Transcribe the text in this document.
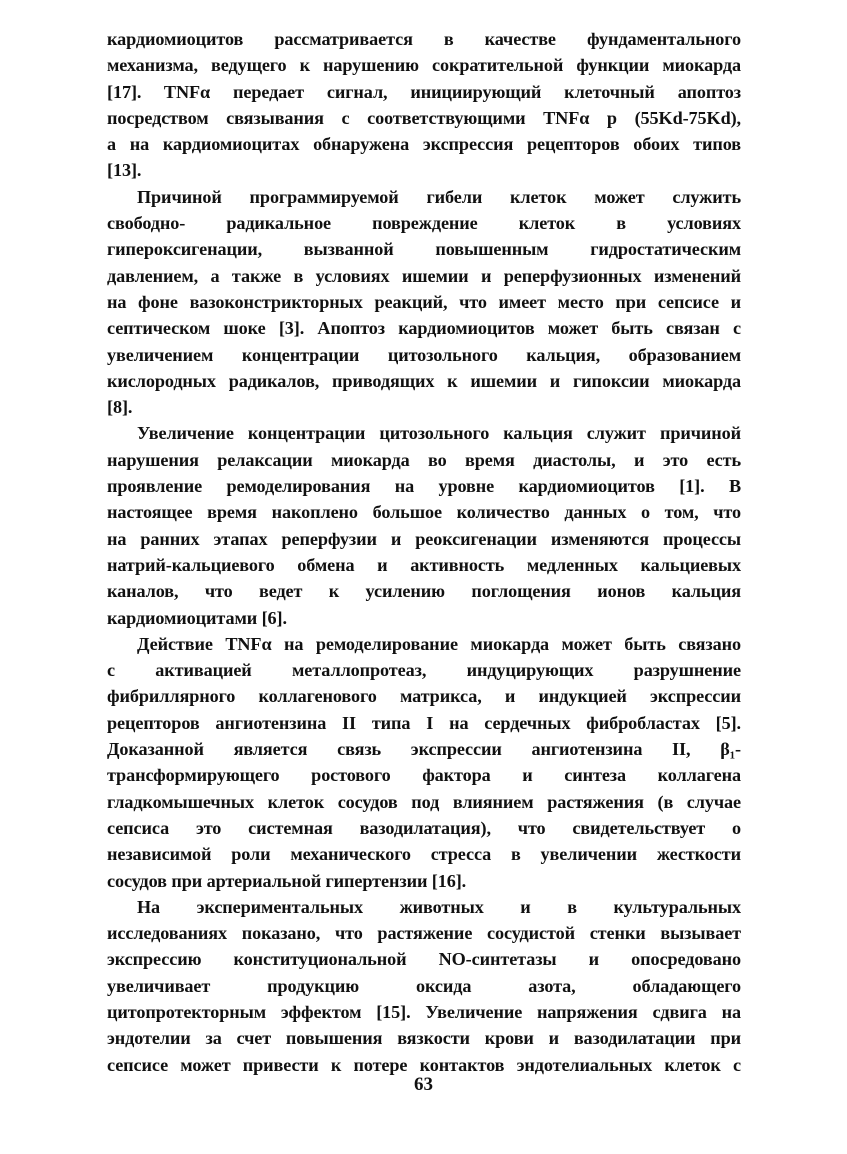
кардиомиоцитов рассматривается в качестве фундаментального
механизма, ведущего к нарушению сократительной функции миокарда
[17]. TNFα передает сигнал, инициирующий клеточный апоптоз
посредством связывания с соответствующими TNFα р (55Kd-75Kd),
а на кардиомиоцитах обнаружена экспрессия рецепторов обоих типов
[13].
Причиной программируемой гибели клеток может служить
свободно- радикальное повреждение клеток в условиях
гипероксигенации, вызванной повышенным гидростатическим
давлением, а также в условиях ишемии и реперфузионных изменений
на фоне вазоконстрикторных реакций, что имеет место при сепсисе и
септическом шоке [3]. Апоптоз кардиомиоцитов может быть связан с
увеличением концентрации цитозольного кальция, образованием
кислородных радикалов, приводящих к ишемии и гипоксии миокарда
[8].
Увеличение концентрации цитозольного кальция служит причиной
нарушения релаксации миокарда во время диастолы, и это есть
проявление ремоделирования на уровне кардиомиоцитов [1]. В
настоящее время накоплено большое количество данных о том, что
на ранних этапах реперфузии и реоксигенации изменяются процессы
натрий-кальциевого обмена и активность медленных кальциевых
каналов, что ведет к усилению поглощения ионов кальция
кардиомиоцитами [6].
Действие TNFα на ремоделирование миокарда может быть связано
с активацией металлопротеаз, индуцирующих разрушнение
фибриллярного коллагенового матрикса, и индукцией экспрессии
рецепторов ангиотензина II типа I на сердечных фибробластах [5].
Доказанной является связь экспрессии ангиотензина II, β₁-
трансформирующего ростового фактора и синтеза коллагена
гладкомышечных клеток сосудов под влиянием растяжения (в случае
сепсиса это системная вазодилатация), что свидетельствует о
независимой роли механического стресса в увеличении жесткости
сосудов при артериальной гипертензии [16].
На экспериментальных животных и в культуральных
исследованиях показано, что растяжение сосудистой стенки вызывает
экспрессию конституциональной NO-синтетазы и опосредовано
увеличивает продукцию оксида азота, обладающего
цитопротекторным эффектом [15]. Увеличение напряжения сдвига на
эндотелии за счет повышения вязкости крови и вазодилатации при
сепсисе может привести к потере контактов эндотелиальных клеток с
63
